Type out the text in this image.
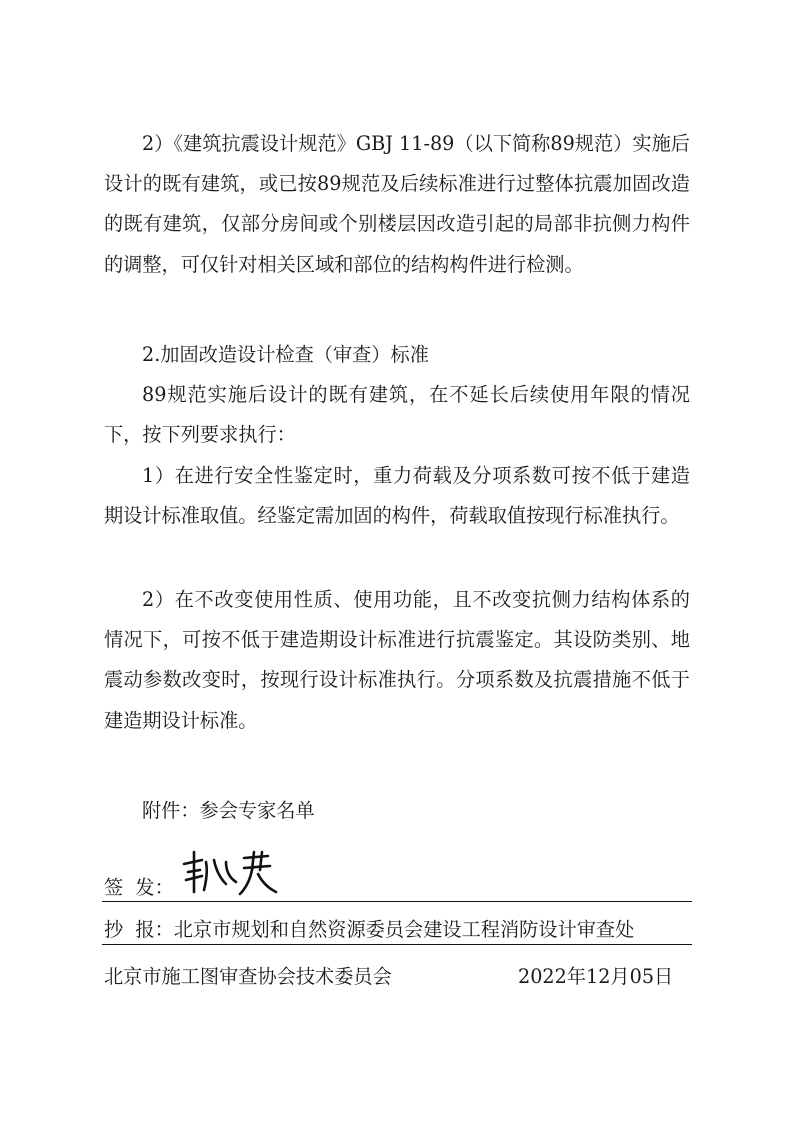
2）《建筑抗震设计规范》GBJ 11-89（以下简称89规范）实施后设计的既有建筑，或已按89规范及后续标准进行过整体抗震加固改造的既有建筑，仅部分房间或个别楼层因改造引起的局部非抗侧力构件的调整，可仅针对相关区域和部位的结构构件进行检测。

2.加固改造设计检查（审查）标准

89规范实施后设计的既有建筑，在不延长后续使用年限的情况下，按下列要求执行：

1）在进行安全性鉴定时，重力荷载及分项系数可按不低于建造期设计标准取值。经鉴定需加固的构件，荷载取值按现行标准执行。

2）在不改变使用性质、使用功能，且不改变抗侧力结构体系的情况下，可按不低于建造期设计标准进行抗震鉴定。其设防类别、地震动参数改变时，按现行设计标准执行。分项系数及抗震措施不低于建造期设计标准。

附件：参会专家名单
签  发：
抄  报：北京市规划和自然资源委员会建设工程消防设计审查处
北京市施工图审查协会技术委员会	2022年12月05日
